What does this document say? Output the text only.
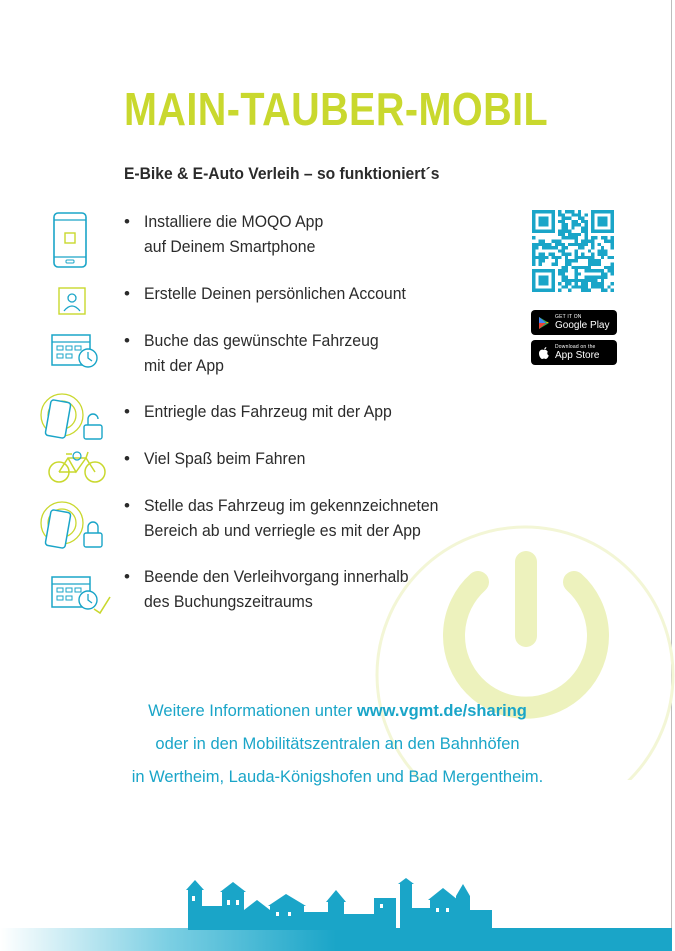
MAIN-TAUBER-MOBIL
E-Bike & E-Auto Verleih – so funktioniert´s
• Installiere die MOQO App
auf Deinem Smartphone
• Erstelle Deinen persönlichen Account
• Buche das gewünschte Fahrzeug
mit der App
• Entriegle das Fahrzeug mit der App
• Viel Spaß beim Fahren
• Stelle das Fahrzeug im gekennzeichneten
Bereich ab und verriegle es mit der App
• Beende den Verleihvorgang innerhalb
des Buchungszeitraums
GET IT ON
Google Play
Download on the
App Store
Weitere Informationen unter www.vgmt.de/sharing
oder in den Mobilitätszentralen an den Bahnhöfen
in Wertheim, Lauda-Königshofen und Bad Mergentheim.
